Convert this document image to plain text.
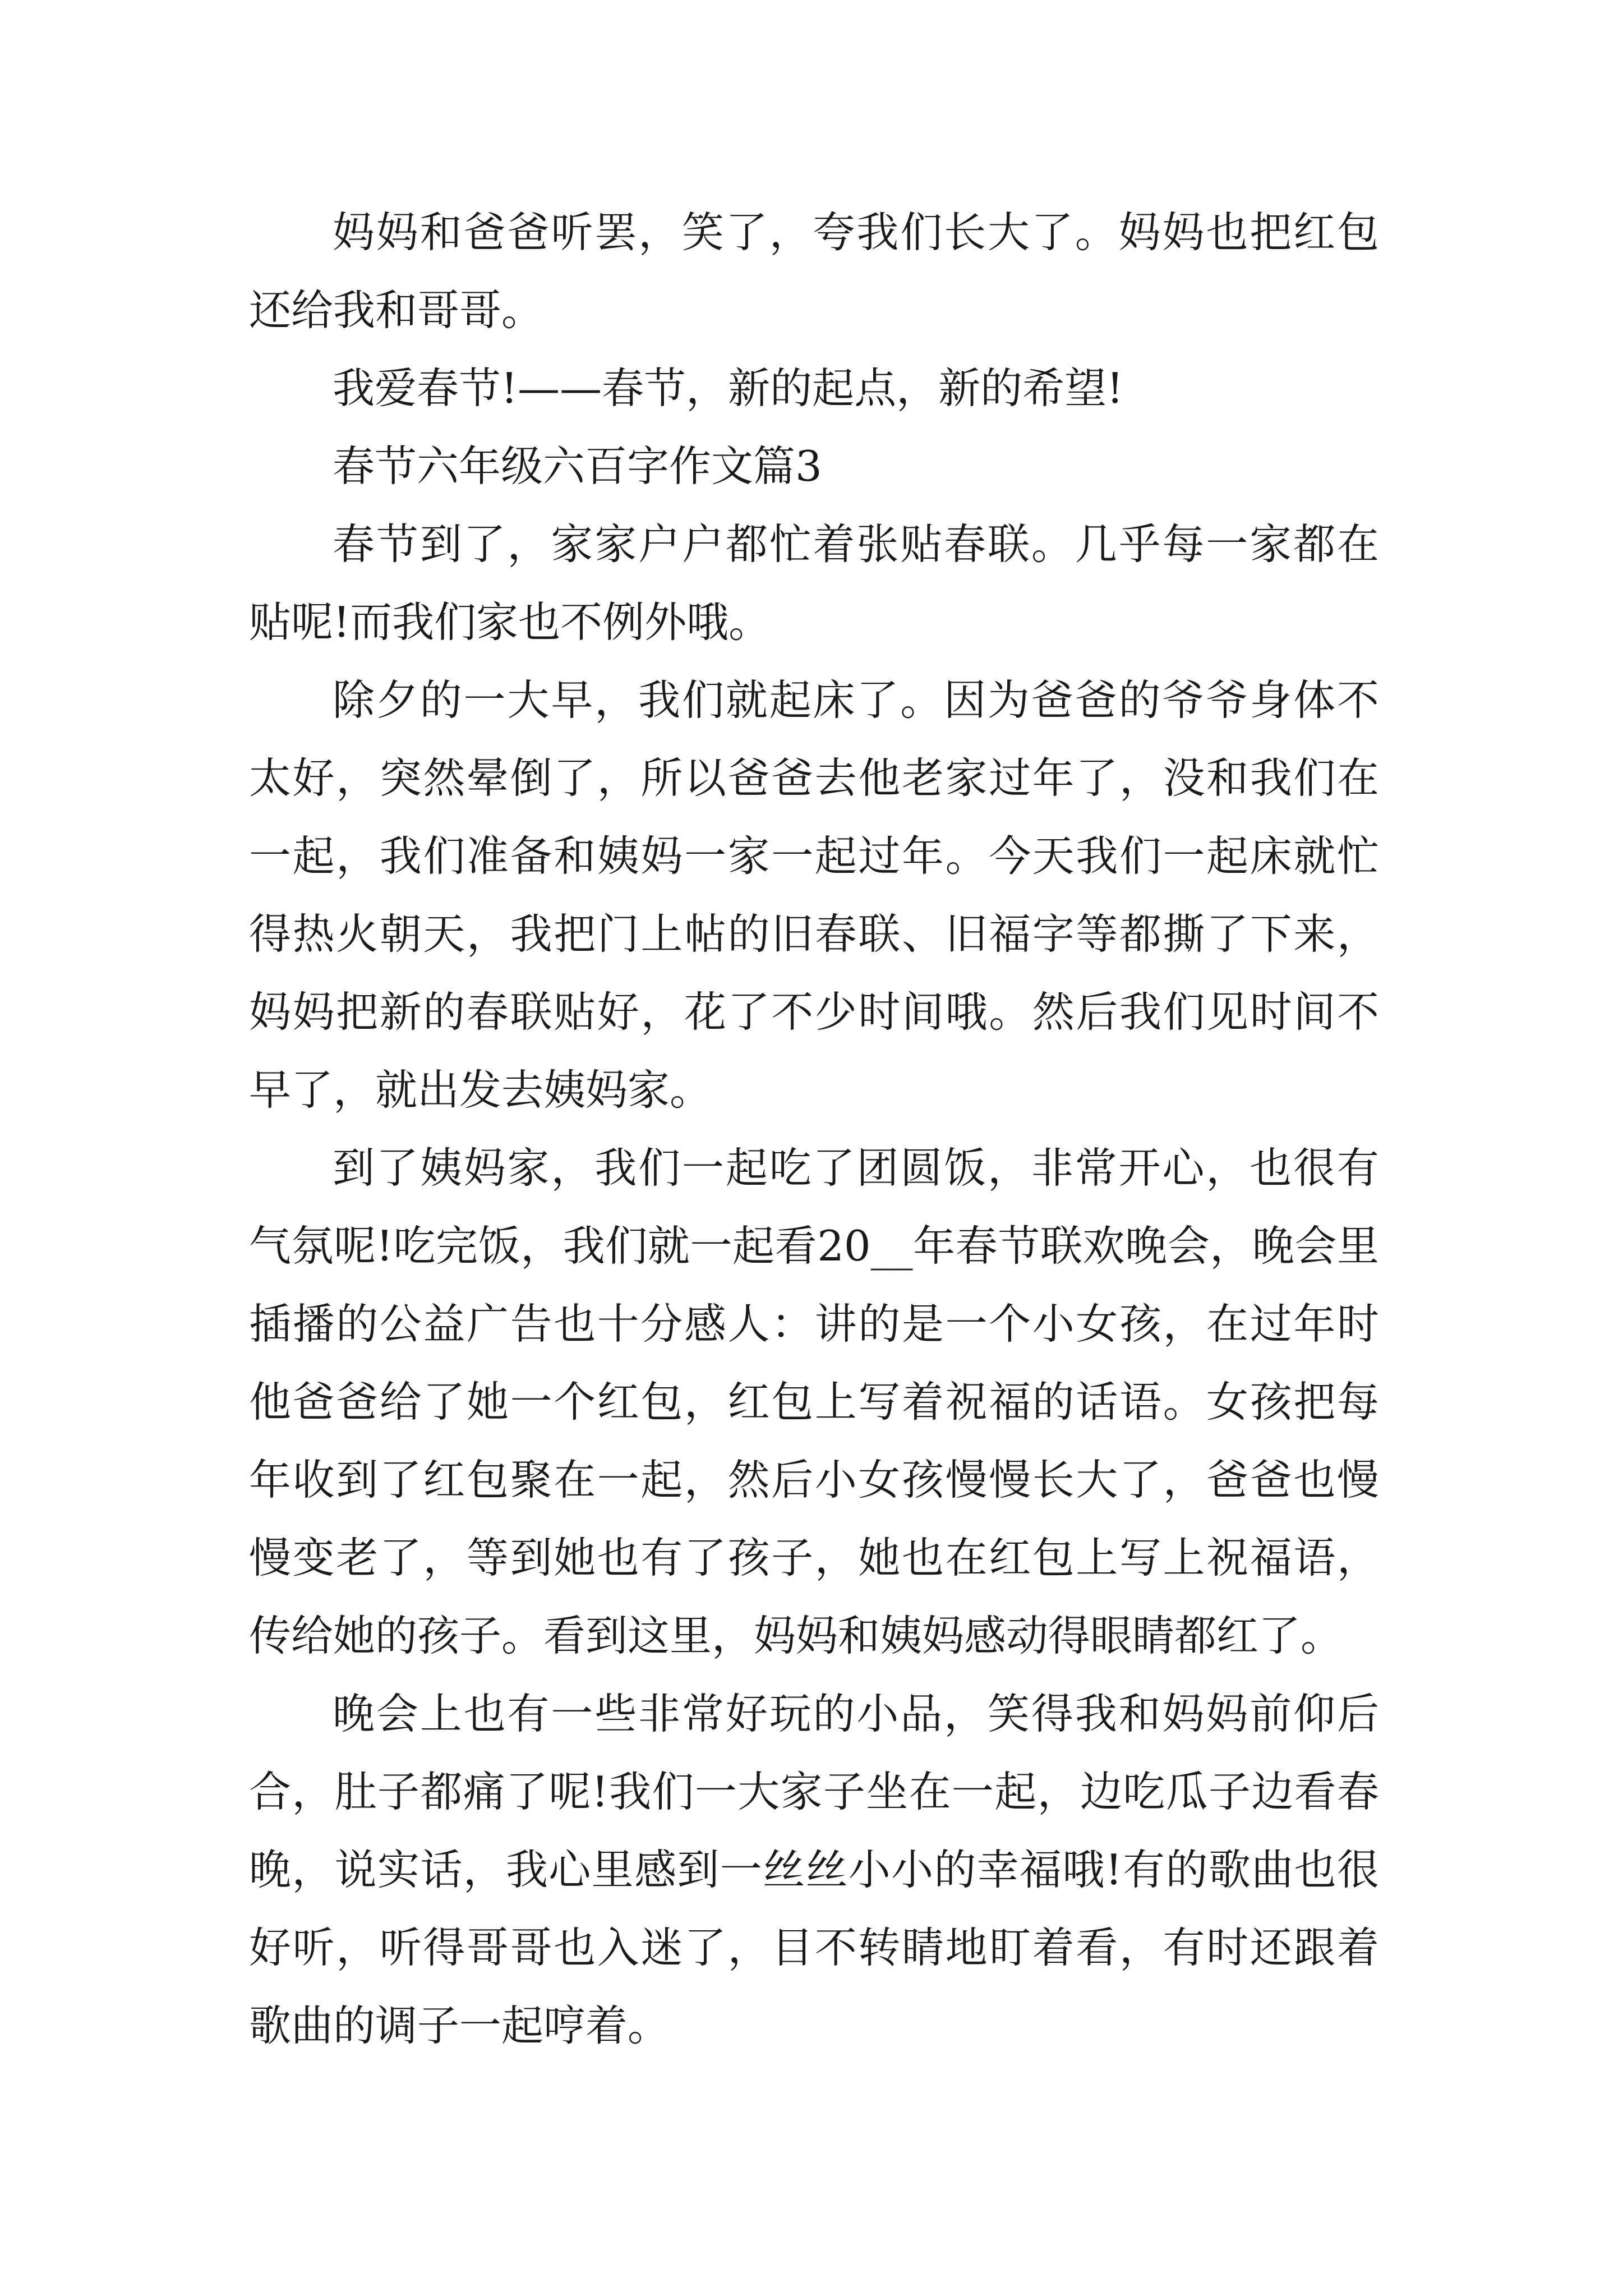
妈妈和爸爸听罢，笑了，夸我们长大了。妈妈也把红包还给我和哥哥。

我爱春节!——春节，新的起点，新的希望!

春节六年级六百字作文篇3

春节到了，家家户户都忙着张贴春联。几乎每一家都在贴呢!而我们家也不例外哦。

除夕的一大早，我们就起床了。因为爸爸的爷爷身体不太好，突然晕倒了，所以爸爸去他老家过年了，没和我们在一起，我们准备和姨妈一家一起过年。今天我们一起床就忙得热火朝天，我把门上帖的旧春联、旧福字等都撕了下来，妈妈把新的春联贴好，花了不少时间哦。然后我们见时间不早了，就出发去姨妈家。

到了姨妈家，我们一起吃了团圆饭，非常开心，也很有气氛呢!吃完饭，我们就一起看20__年春节联欢晚会，晚会里插播的公益广告也十分感人：讲的是一个小女孩，在过年时他爸爸给了她一个红包，红包上写着祝福的话语。女孩把每年收到了红包聚在一起，然后小女孩慢慢长大了，爸爸也慢慢变老了，等到她也有了孩子，她也在红包上写上祝福语，传给她的孩子。看到这里，妈妈和姨妈感动得眼睛都红了。

晚会上也有一些非常好玩的小品，笑得我和妈妈前仰后合，肚子都痛了呢!我们一大家子坐在一起，边吃瓜子边看春晚，说实话，我心里感到一丝丝小小的幸福哦!有的歌曲也很好听，听得哥哥也入迷了，目不转睛地盯着看，有时还跟着歌曲的调子一起哼着。
